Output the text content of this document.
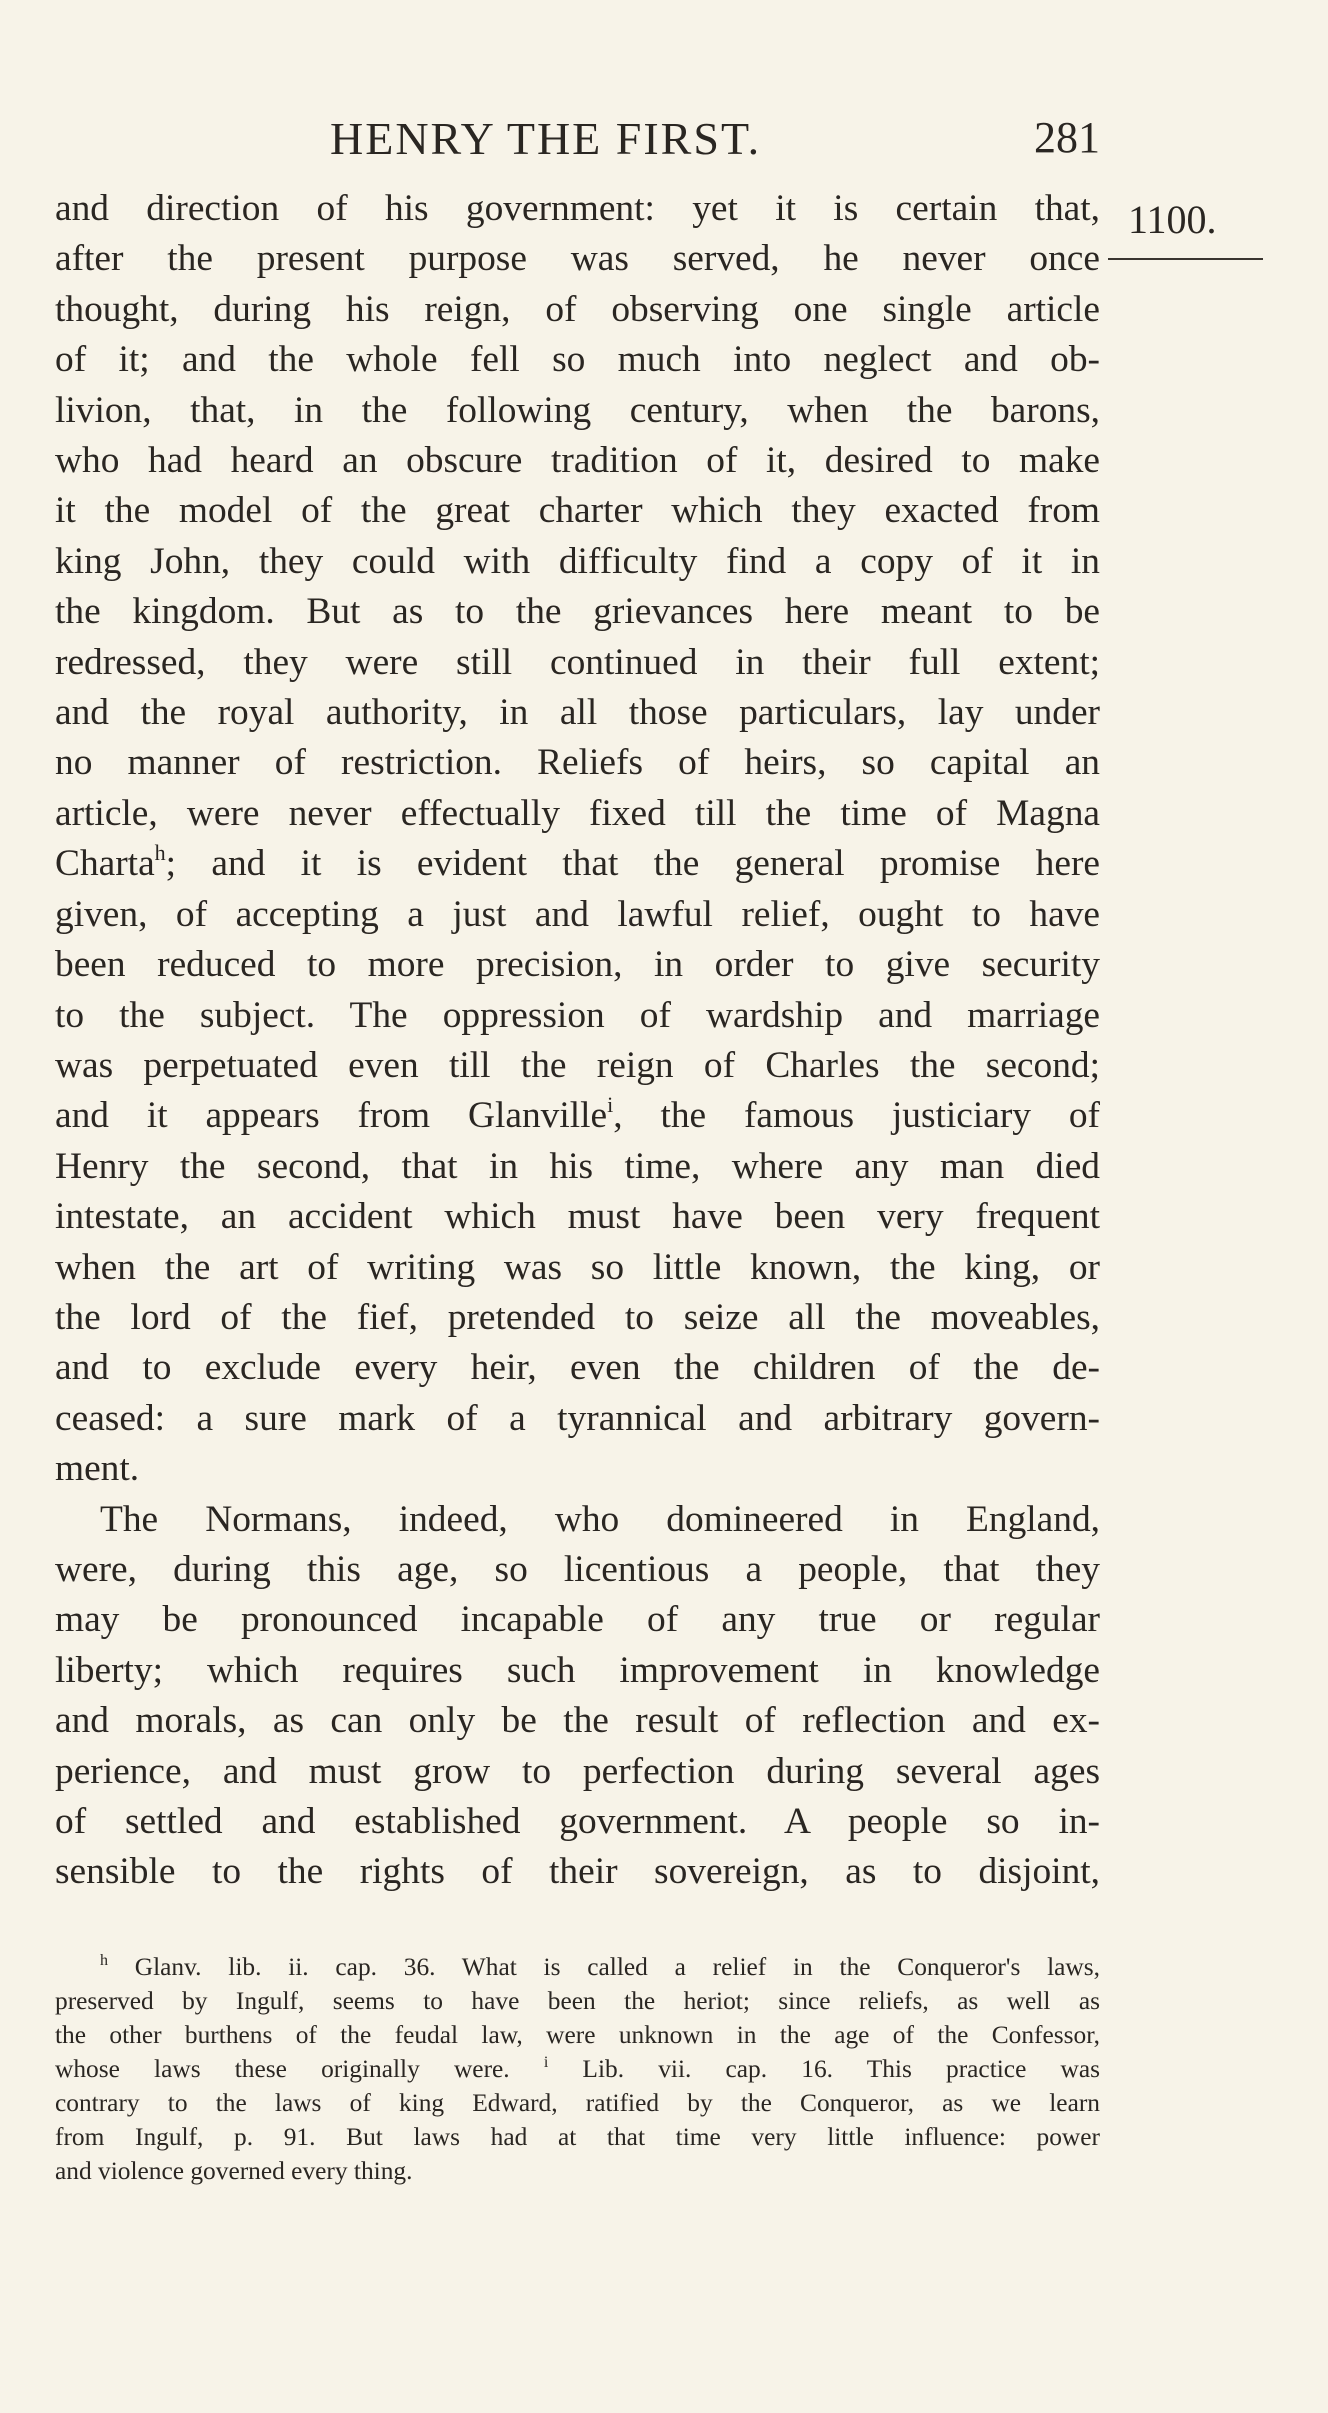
HENRY THE FIRST.	281
1100.
and direction of his government: yet it is certain that,
after the present purpose was served, he never once
thought, during his reign, of observing one single article
of it; and the whole fell so much into neglect and ob-
livion, that, in the following century, when the barons,
who had heard an obscure tradition of it, desired to make
it the model of the great charter which they exacted from
king John, they could with difficulty find a copy of it in
the kingdom. But as to the grievances here meant to be
redressed, they were still continued in their full extent;
and the royal authority, in all those particulars, lay under
no manner of restriction. Reliefs of heirs, so capital an
article, were never effectually fixed till the time of Magna
Charta$^h$; and it is evident that the general promise here
given, of accepting a just and lawful relief, ought to have
been reduced to more precision, in order to give security
to the subject. The oppression of wardship and marriage
was perpetuated even till the reign of Charles the second;
and it appears from Glanville$^i$, the famous justiciary of
Henry the second, that in his time, where any man died
intestate, an accident which must have been very frequent
when the art of writing was so little known, the king, or
the lord of the fief, pretended to seize all the moveables,
and to exclude every heir, even the children of the de-
ceased: a sure mark of a tyrannical and arbitrary govern-
ment.
The Normans, indeed, who domineered in England,
were, during this age, so licentious a people, that they
may be pronounced incapable of any true or regular
liberty; which requires such improvement in knowledge
and morals, as can only be the result of reflection and ex-
perience, and must grow to perfection during several ages
of settled and established government. A people so in-
sensible to the rights of their sovereign, as to disjoint,
$^h$ Glanv. lib. ii. cap. 36. What is called a relief in the Conqueror's laws,
preserved by Ingulf, seems to have been the heriot; since reliefs, as well as
the other burthens of the feudal law, were unknown in the age of the Confessor,
whose laws these originally were. $^i$ Lib. vii. cap. 16. This practice was
contrary to the laws of king Edward, ratified by the Conqueror, as we learn
from Ingulf, p. 91. But laws had at that time very little influence: power
and violence governed every thing.
